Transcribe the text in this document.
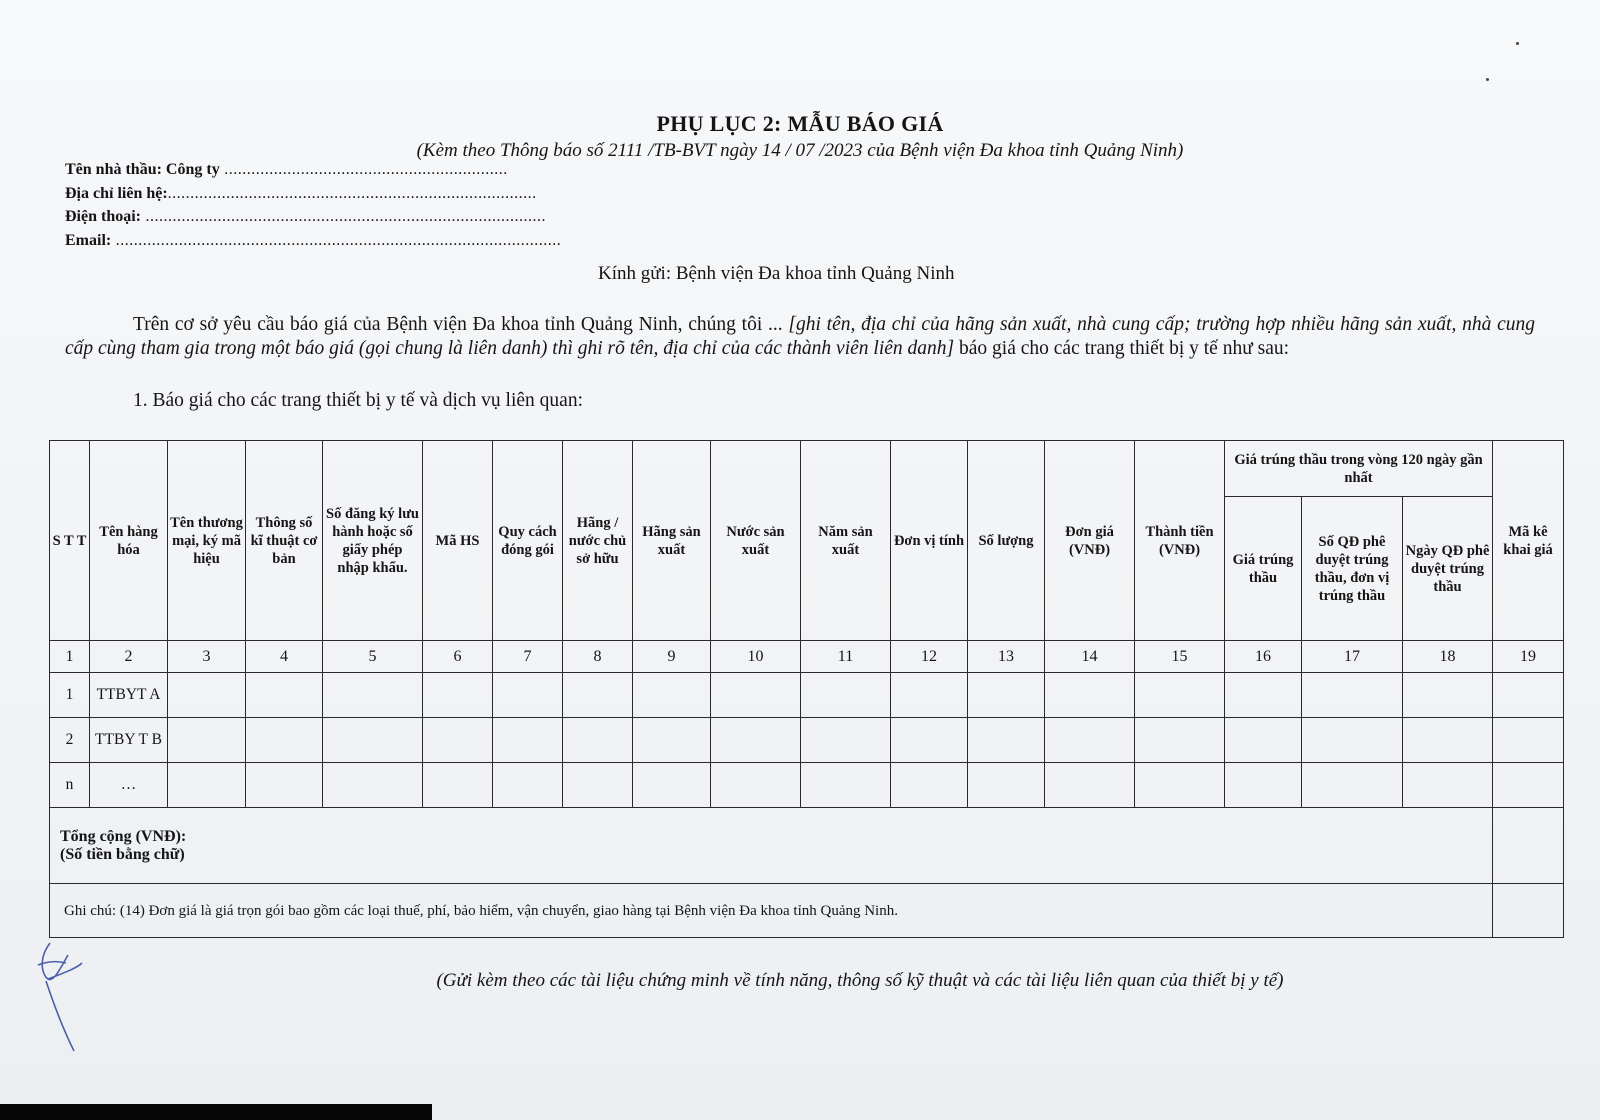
PHỤ LỤC 2: MẪU BÁO GIÁ
(Kèm theo Thông báo số 2111 /TB-BVT ngày 14 / 07 /2023 của Bệnh viện Đa khoa tỉnh Quảng Ninh)
Tên nhà thầu: Công ty ...............................................................
Địa chỉ liên hệ:..................................................................................
Điện thoại: .........................................................................................
Email: ...................................................................................................
Kính gửi: Bệnh viện Đa khoa tỉnh Quảng Ninh
Trên cơ sở yêu cầu báo giá của Bệnh viện Đa khoa tỉnh Quảng Ninh, chúng tôi ... [ghi tên, địa chỉ của hãng sản xuất, nhà cung cấp; trường hợp nhiều hãng sản xuất, nhà cung cấp cùng tham gia trong một báo giá (gọi chung là liên danh) thì ghi rõ tên, địa chỉ của các thành viên liên danh] báo giá cho các trang thiết bị y tế như sau:
1. Báo giá cho các trang thiết bị y tế và dịch vụ liên quan:
S T T	Tên hàng hóa	Tên thương mại, ký mã hiệu	Thông số kĩ thuật cơ bản	Số đăng ký lưu hành hoặc số giấy phép nhập khẩu.	Mã HS	Quy cách đóng gói	Hãng / nước chủ sở hữu	Hãng sản xuất	Nước sản xuất	Năm sản xuất	Đơn vị tính	Số lượng	Đơn giá (VNĐ)	Thành tiền (VNĐ)	Giá trúng thầu trong vòng 120 ngày gần nhất			Mã kê khai giá
															Giá trúng thầu	Số QĐ phê duyệt trúng thầu, đơn vị trúng thầu	Ngày QĐ phê duyệt trúng thầu	
1	2	3	4	5	6	7	8	9	10	11	12	13	14	15	16	17	18	19
1	TTBYT A																	
2	TTBY T B																	
n	…																	

Tổng cộng (VNĐ):
(Số tiền bằng chữ)																		

Ghi chú: (14) Đơn giá là giá trọn gói bao gồm các loại thuế, phí, bảo hiểm, vận chuyển, giao hàng tại Bệnh viện Đa khoa tỉnh Quảng Ninh.																		
(Gửi kèm theo các tài liệu chứng minh về tính năng, thông số kỹ thuật và các tài liệu liên quan của thiết bị y tế)
